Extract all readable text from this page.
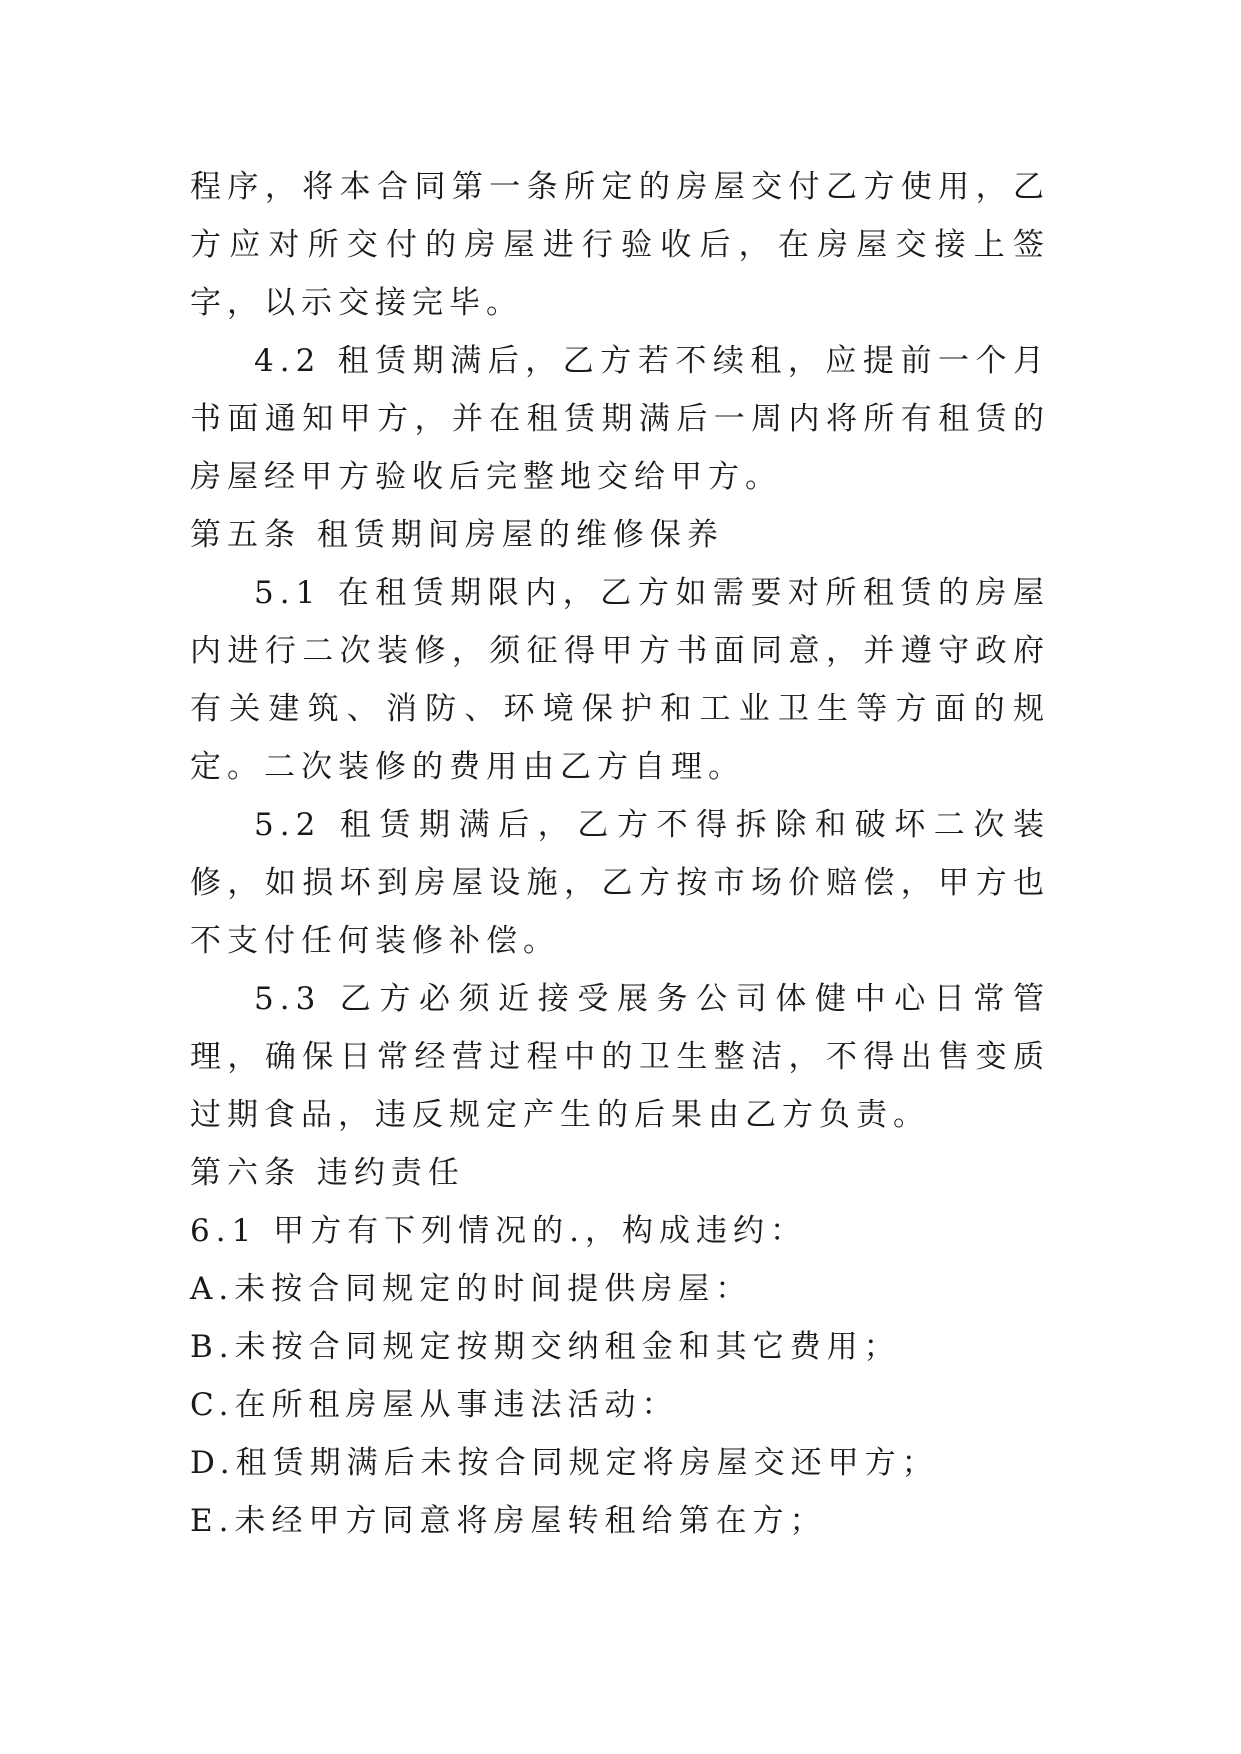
程序，将本合同第一条所定的房屋交付乙方使用，乙方应对所交付的房屋进行验收后，在房屋交接上签字，以示交接完毕。

4.2 租赁期满后，乙方若不续租，应提前一个月书面通知甲方，并在租赁期满后一周内将所有租赁的房屋经甲方验收后完整地交给甲方。

第五条 租赁期间房屋的维修保养

5.1 在租赁期限内，乙方如需要对所租赁的房屋内进行二次装修，须征得甲方书面同意，并遵守政府有关建筑、消防、环境保护和工业卫生等方面的规定。二次装修的费用由乙方自理。

5.2 租赁期满后，乙方不得拆除和破坏二次装修，如损坏到房屋设施，乙方按市场价赔偿，甲方也不支付任何装修补偿。

5.3 乙方必须近接受展务公司体健中心日常管理，确保日常经营过程中的卫生整洁，不得出售变质过期食品，违反规定产生的后果由乙方负责。

第六条 违约责任

6.1 甲方有下列情况的.，构成违约：

A.未按合同规定的时间提供房屋：

B.未按合同规定按期交纳租金和其它费用；

C.在所租房屋从事违法活动：

D.租赁期满后未按合同规定将房屋交还甲方；

E.未经甲方同意将房屋转租给第在方；
